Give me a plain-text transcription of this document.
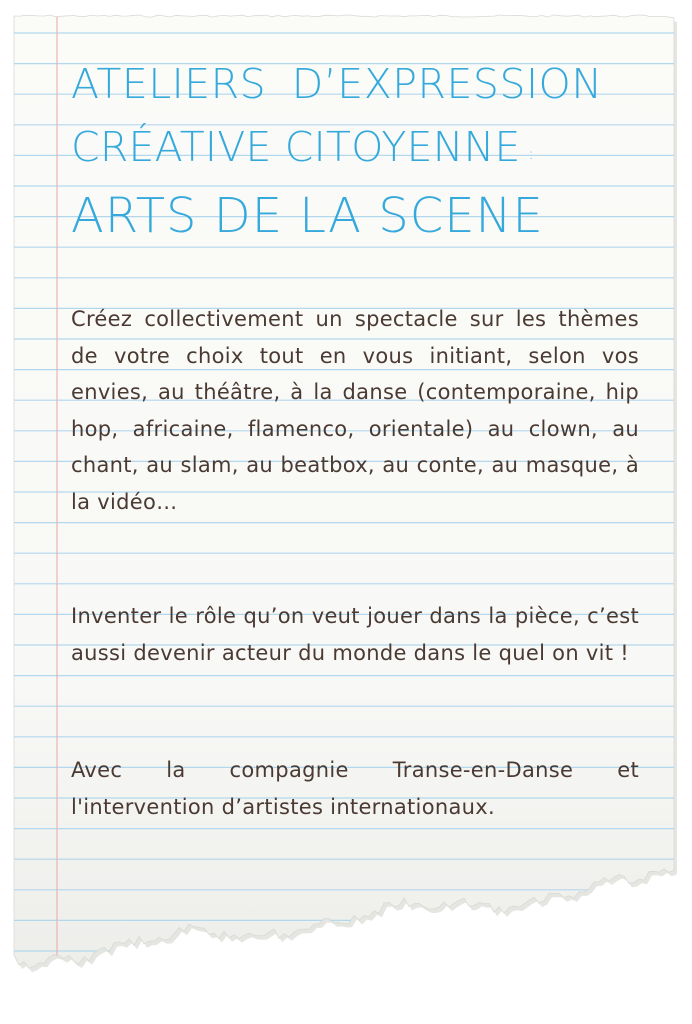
ATELIERS D’EXPRESSION
CRÉATIVE CITOYENNE :
ARTS DE LA SCENE

Créez collectivement un spectacle sur les thèmes de votre choix tout en vous initiant, selon vos envies, au théâtre, à la danse (contemporaine, hip hop, africaine, flamenco, orientale) au clown, au chant, au slam, au beatbox, au conte, au masque, à la vidéo…

Inventer le rôle qu’on veut jouer dans la pièce, c’est aussi devenir acteur du monde dans le quel on vit !

Avec la compagnie Transe-en-Danse et l'intervention d’artistes internationaux.
